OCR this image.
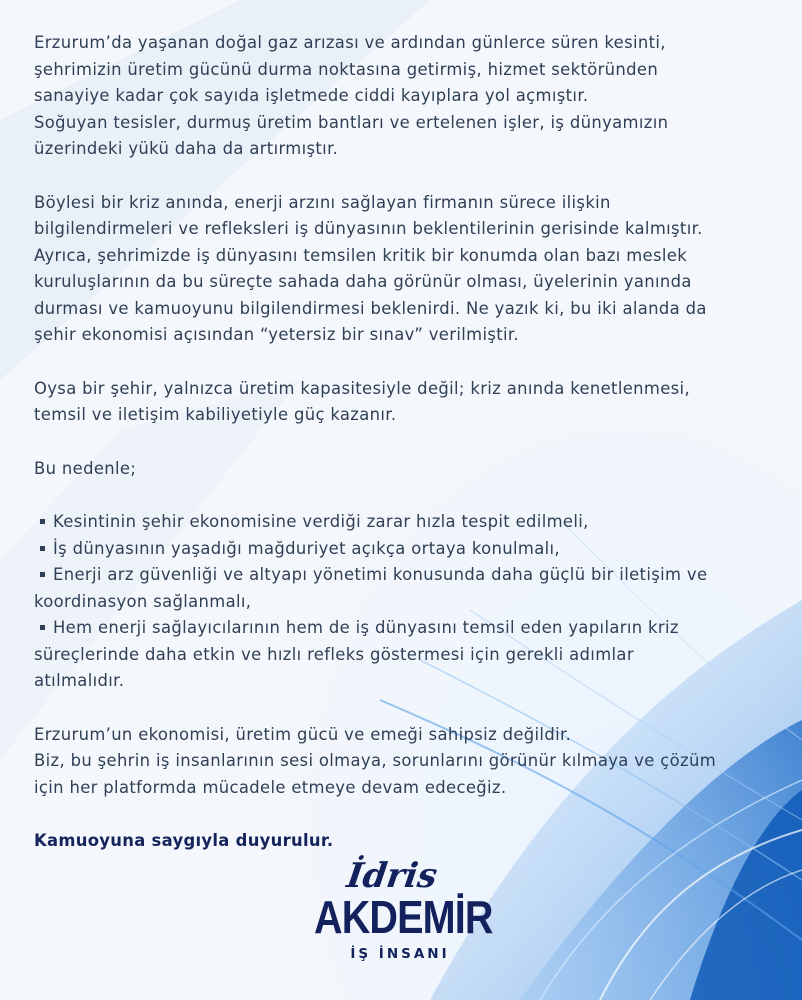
Erzurum’da yaşanan doğal gaz arızası ve ardından günlerce süren kesinti,
şehrimizin üretim gücünü durma noktasına getirmiş, hizmet sektöründen
sanayiye kadar çok sayıda işletmede ciddi kayıplara yol açmıştır.
Soğuyan tesisler, durmuş üretim bantları ve ertelenen işler, iş dünyamızın
üzerindeki yükü daha da artırmıştır.

Böylesi bir kriz anında, enerji arzını sağlayan firmanın sürece ilişkin
bilgilendirmeleri ve refleksleri iş dünyasının beklentilerinin gerisinde kalmıştır.
Ayrıca, şehrimizde iş dünyasını temsilen kritik bir konumda olan bazı meslek
kuruluşlarının da bu süreçte sahada daha görünür olması, üyelerinin yanında
durması ve kamuoyunu bilgilendirmesi beklenirdi. Ne yazık ki, bu iki alanda da
şehir ekonomisi açısından “yetersiz bir sınav” verilmiştir.

Oysa bir şehir, yalnızca üretim kapasitesiyle değil; kriz anında kenetlenmesi,
temsil ve iletişim kabiliyetiyle güç kazanır.

Bu nedenle;

Kesintinin şehir ekonomisine verdiği zarar hızla tespit edilmeli,
İş dünyasının yaşadığı mağduriyet açıkça ortaya konulmalı,
Enerji arz güvenliği ve altyapı yönetimi konusunda daha güçlü bir iletişim ve
koordinasyon sağlanmalı,
Hem enerji sağlayıcılarının hem de iş dünyasını temsil eden yapıların kriz
süreçlerinde daha etkin ve hızlı refleks göstermesi için gerekli adımlar
atılmalıdır.

Erzurum’un ekonomisi, üretim gücü ve emeği sahipsiz değildir.
Biz, bu şehrin iş insanlarının sesi olmaya, sorunlarını görünür kılmaya ve çözüm
için her platformda mücadele etmeye devam edeceğiz.

Kamuoyuna saygıyla duyurulur.

İdris
AKDEMİR
İŞ İNSANI
